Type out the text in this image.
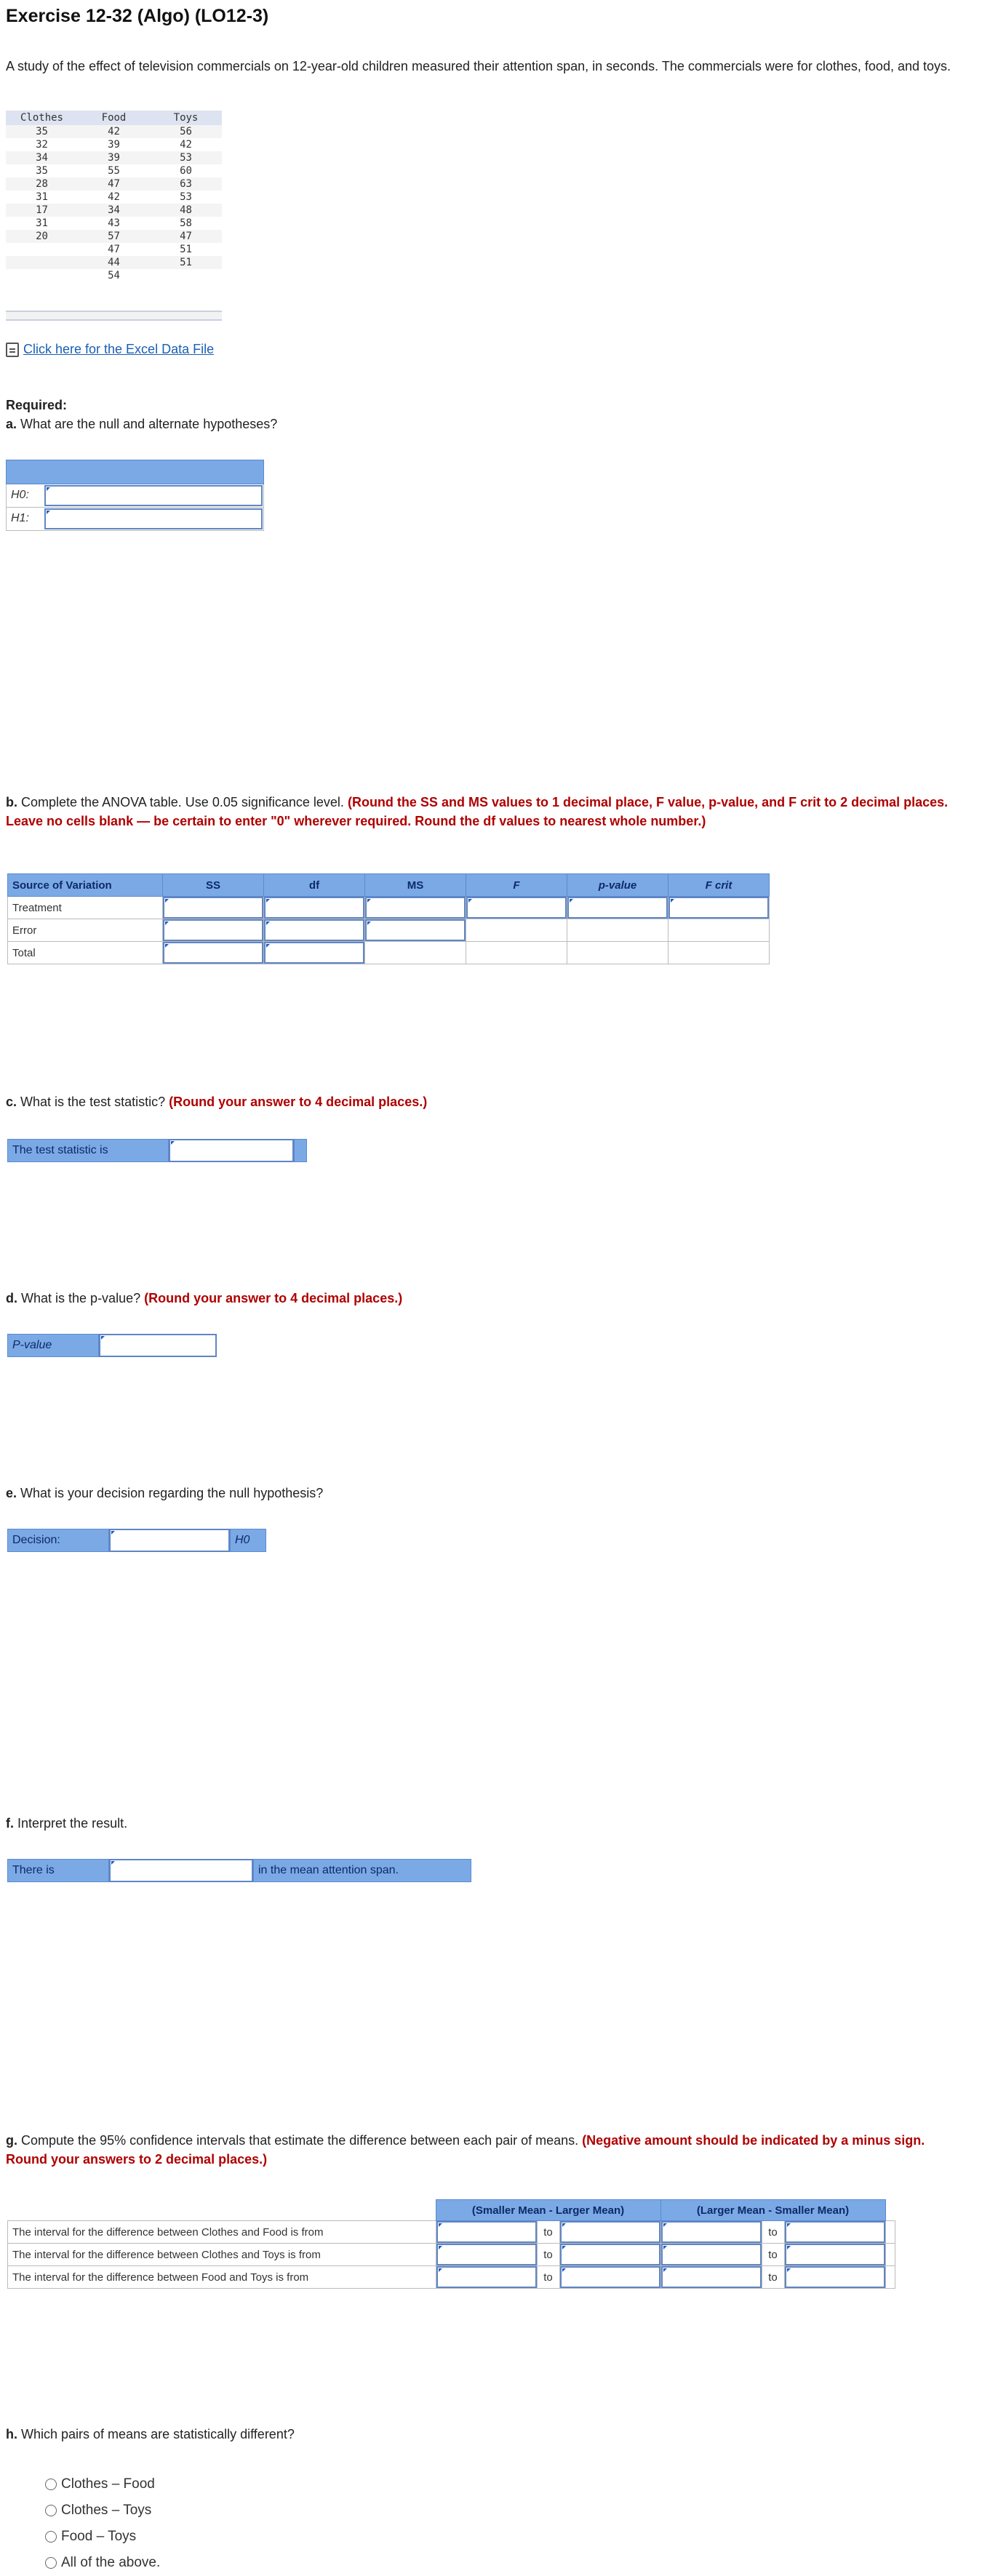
Exercise 12-32 (Algo) (LO12-3)
A study of the effect of television commercials on 12-year-old children measured their attention span, in seconds. The commercials were for clothes, food, and toys.
Clothes	Food	Toys
35	42	56
32	39	42
34	39	53
35	55	60
28	47	63
31	42	53
17	34	48
31	43	58
20	57	47
	47	51
	44	51
	54	
Click here for the Excel Data File
Required:
a. What are the null and alternate hypotheses?
H0:
H1:
b. Complete the ANOVA table. Use 0.05 significance level. (Round the SS and MS values to 1 decimal place, F value, p-value, and F crit to 2 decimal places. Leave no cells blank — be certain to enter "0" wherever required. Round the df values to nearest whole number.)
Source of Variation	SS	df	MS	F	p-value	F crit
Treatment	

Error	

Total	

c. What is the test statistic? (Round your answer to 4 decimal places.)
The test statistic is
d. What is the p-value? (Round your answer to 4 decimal places.)
P-value
e. What is your decision regarding the null hypothesis?
Decision:	H0
f. Interpret the result.
There is	in the mean attention span.
g. Compute the 95% confidence intervals that estimate the difference between each pair of means. (Negative amount should be indicated by a minus sign. Round your answers to 2 decimal places.)
	(Smaller Mean - Larger Mean)			(Larger Mean - Smaller Mean)			
The interval for the difference between Clothes and Food is from		to			to	

The interval for the difference between Clothes and Toys is from		to			to	

The interval for the difference between Food and Toys is from		to			to	

h. Which pairs of means are statistically different?
Clothes – Food
Clothes – Toys
Food – Toys
All of the above.
